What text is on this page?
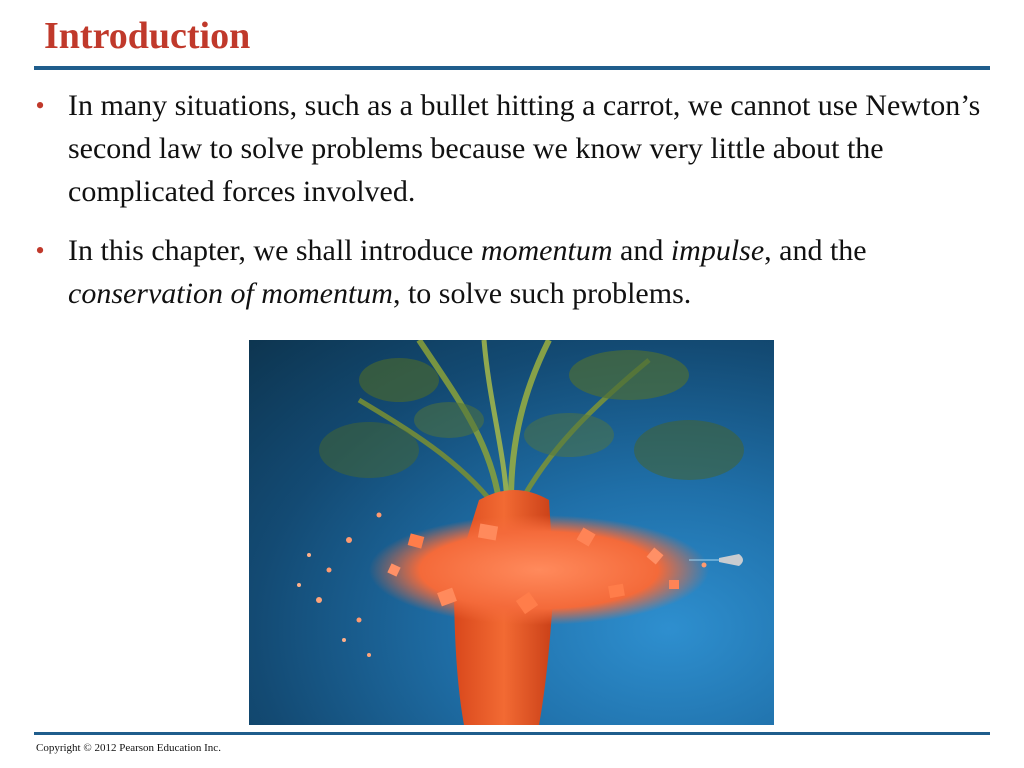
Introduction
• In many situations, such as a bullet hitting a carrot, we cannot use Newton’s second law to solve problems because we know very little about the complicated forces involved.
• In this chapter, we shall introduce momentum and impulse, and the conservation of momentum, to solve such problems.
Copyright © 2012 Pearson Education Inc.
